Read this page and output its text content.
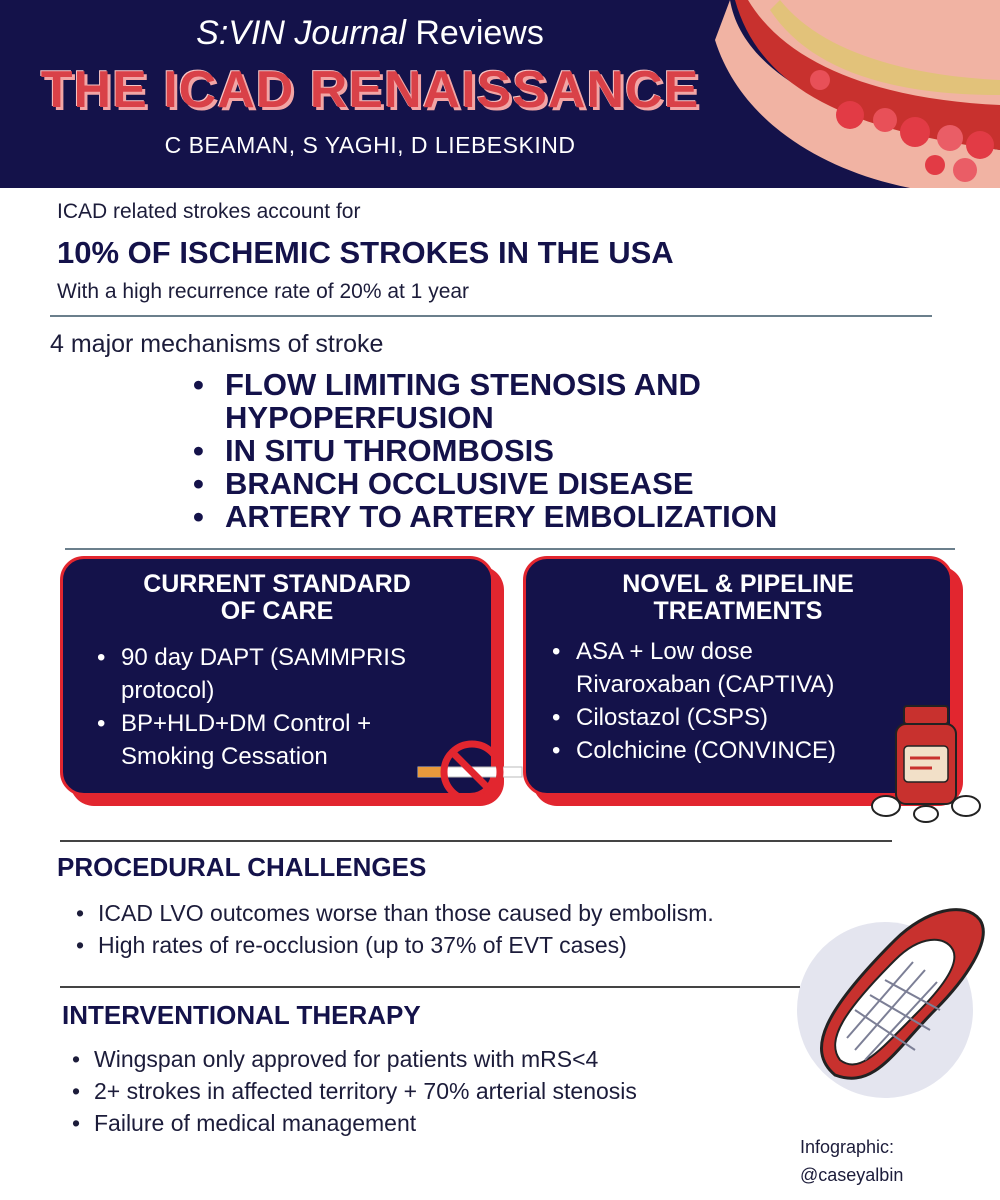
S:VIN Journal Reviews
THE ICAD RENAISSANCE
C BEAMAN, S YAGHI, D LIEBESKIND
ICAD related strokes account for
10% OF ISCHEMIC STROKES IN THE USA
With a high recurrence rate of 20% at 1 year
4 major mechanisms of stroke
• FLOW LIMITING STENOSIS AND HYPOPERFUSION
• IN SITU THROMBOSIS
• BRANCH OCCLUSIVE DISEASE
• ARTERY TO ARTERY EMBOLIZATION
CURRENT STANDARD
OF CARE
• 90 day DAPT (SAMMPRIS protocol)
• BP+HLD+DM Control + Smoking Cessation
NOVEL & PIPELINE
TREATMENTS
• ASA + Low dose Rivaroxaban (CAPTIVA)
• Cilostazol (CSPS)
• Colchicine (CONVINCE)
PROCEDURAL CHALLENGES
• ICAD LVO outcomes worse than those caused by embolism.
• High rates of re-occlusion (up to 37% of EVT cases)
INTERVENTIONAL THERAPY
• Wingspan only approved for patients with mRS<4
• 2+ strokes in affected territory + 70% arterial stenosis
• Failure of medical management
Infographic:
@caseyalbin
